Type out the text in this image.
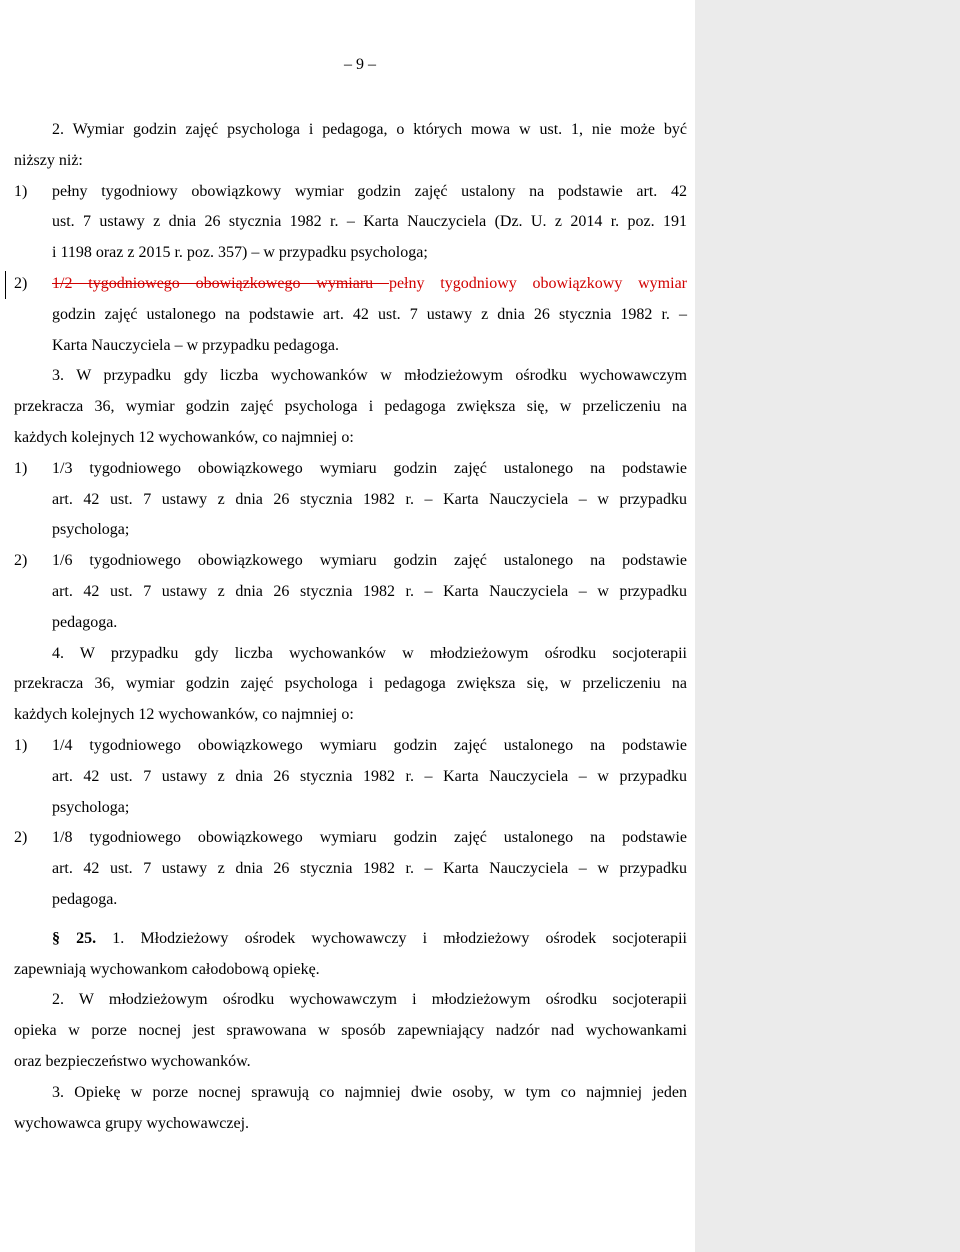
– 9 –
2. Wymiar godzin zajęć psychologa i pedagoga, o których mowa w ust. 1, nie może być
niższy niż:
1) pełny tygodniowy obowiązkowy wymiar godzin zajęć ustalony na podstawie art. 42
ust. 7 ustawy z dnia 26 stycznia 1982 r. – Karta Nauczyciela (Dz. U. z 2014 r. poz. 191
i 1198 oraz z 2015 r. poz. 357) – w przypadku psychologa;
2) 1/2 tygodniowego obowiązkowego wymiaru pełny tygodniowy obowiązkowy wymiar
godzin zajęć ustalonego na podstawie art. 42 ust. 7 ustawy z dnia 26 stycznia 1982 r. –
Karta Nauczyciela – w przypadku pedagoga.
3. W przypadku gdy liczba wychowanków w młodzieżowym ośrodku wychowawczym
przekracza 36, wymiar godzin zajęć psychologa i pedagoga zwiększa się, w przeliczeniu na
każdych kolejnych 12 wychowanków, co najmniej o:
1) 1/3 tygodniowego obowiązkowego wymiaru godzin zajęć ustalonego na podstawie
art. 42 ust. 7 ustawy z dnia 26 stycznia 1982 r. – Karta Nauczyciela – w przypadku
psychologa;
2) 1/6 tygodniowego obowiązkowego wymiaru godzin zajęć ustalonego na podstawie
art. 42 ust. 7 ustawy z dnia 26 stycznia 1982 r. – Karta Nauczyciela – w przypadku
pedagoga.
4. W przypadku gdy liczba wychowanków w młodzieżowym ośrodku socjoterapii
przekracza 36, wymiar godzin zajęć psychologa i pedagoga zwiększa się, w przeliczeniu na
każdych kolejnych 12 wychowanków, co najmniej o:
1) 1/4 tygodniowego obowiązkowego wymiaru godzin zajęć ustalonego na podstawie
art. 42 ust. 7 ustawy z dnia 26 stycznia 1982 r. – Karta Nauczyciela – w przypadku
psychologa;
2) 1/8 tygodniowego obowiązkowego wymiaru godzin zajęć ustalonego na podstawie
art. 42 ust. 7 ustawy z dnia 26 stycznia 1982 r. – Karta Nauczyciela – w przypadku
pedagoga.
§ 25. 1. Młodzieżowy ośrodek wychowawczy i młodzieżowy ośrodek socjoterapii
zapewniają wychowankom całodobową opiekę.
2. W młodzieżowym ośrodku wychowawczym i młodzieżowym ośrodku socjoterapii
opieka w porze nocnej jest sprawowana w sposób zapewniający nadzór nad wychowankami
oraz bezpieczeństwo wychowanków.
3. Opiekę w porze nocnej sprawują co najmniej dwie osoby, w tym co najmniej jeden
wychowawca grupy wychowawczej.
